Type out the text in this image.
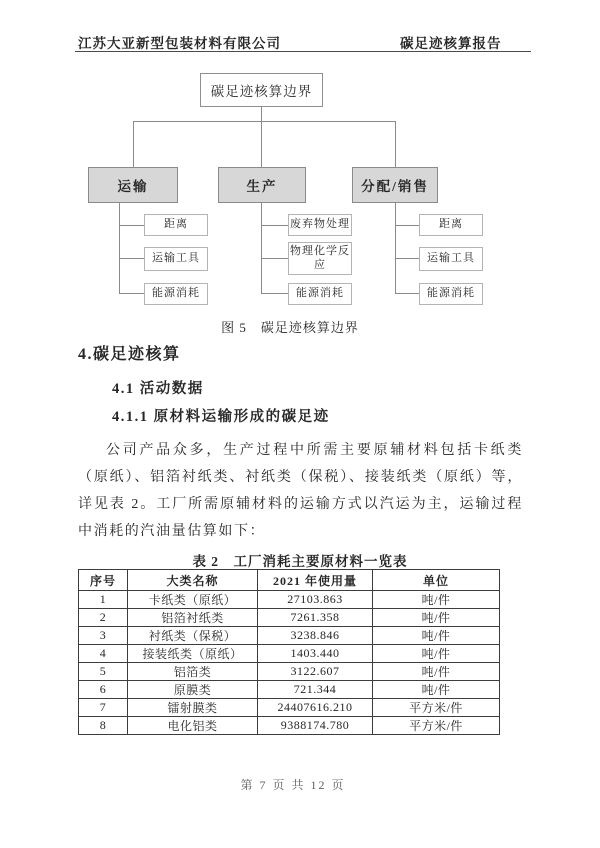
江苏大亚新型包装材料有限公司	碳足迹核算报告
碳足迹核算边界
运输	生产	分配/销售
距离
运输工具
能源消耗
废弃物处理
物理化学反应
能源消耗
距离
运输工具
能源消耗
图 5　碳足迹核算边界
4.碳足迹核算
4.1 活动数据
4.1.1 原材料运输形成的碳足迹
公司产品众多，生产过程中所需主要原辅材料包括卡纸类（原纸）、铝箔衬纸类、衬纸类（保税）、接装纸类（原纸）等，详见表 2。工厂所需原辅材料的运输方式以汽运为主，运输过程中消耗的汽油量估算如下：
表 2　工厂消耗主要原材料一览表
序号	大类名称	2021 年使用量	单位
1	卡纸类（原纸）	27103.863	吨/件
2	铝箔衬纸类	7261.358	吨/件
3	衬纸类（保税）	3238.846	吨/件
4	接装纸类（原纸）	1403.440	吨/件
5	铝箔类	3122.607	吨/件
6	原膜类	721.344	吨/件
7	镭射膜类	24407616.210	平方米/件
8	电化铝类	9388174.780	平方米/件
第 7 页 共 12 页
